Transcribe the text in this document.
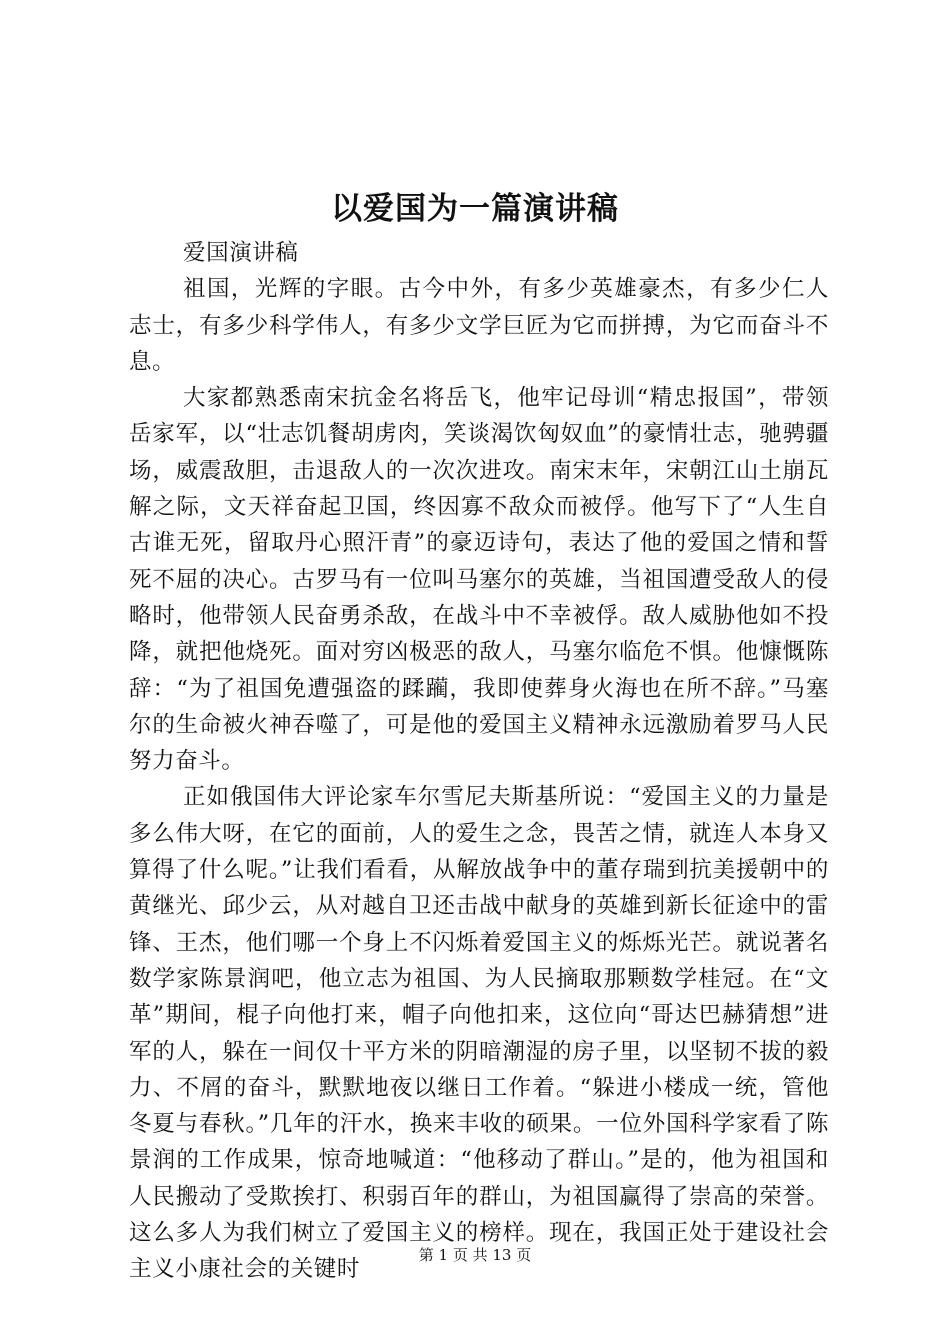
以爱国为一篇演讲稿

爱国演讲稿

祖国，光辉的字眼。古今中外，有多少英雄豪杰，有多少仁人志士，有多少科学伟人，有多少文学巨匠为它而拼搏，为它而奋斗不息。

大家都熟悉南宋抗金名将岳飞，他牢记母训“精忠报国”，带领岳家军，以“壮志饥餐胡虏肉，笑谈渴饮匈奴血”的豪情壮志，驰骋疆场，威震敌胆，击退敌人的一次次进攻。南宋末年，宋朝江山土崩瓦解之际，文天祥奋起卫国，终因寡不敌众而被俘。他写下了“人生自古谁无死，留取丹心照汗青”的豪迈诗句，表达了他的爱国之情和誓死不屈的决心。古罗马有一位叫马塞尔的英雄，当祖国遭受敌人的侵略时，他带领人民奋勇杀敌，在战斗中不幸被俘。敌人威胁他如不投降，就把他烧死。面对穷凶极恶的敌人，马塞尔临危不惧。他慷慨陈辞：“为了祖国免遭强盗的蹂躏，我即使葬身火海也在所不辞。”马塞尔的生命被火神吞噬了，可是他的爱国主义精神永远激励着罗马人民努力奋斗。

正如俄国伟大评论家车尔雪尼夫斯基所说：“爱国主义的力量是多么伟大呀，在它的面前，人的爱生之念，畏苦之情，就连人本身又算得了什么呢。”让我们看看，从解放战争中的董存瑞到抗美援朝中的黄继光、邱少云，从对越自卫还击战中献身的英雄到新长征途中的雷锋、王杰，他们哪一个身上不闪烁着爱国主义的烁烁光芒。就说著名数学家陈景润吧，他立志为祖国、为人民摘取那颗数学桂冠。在“文革”期间，棍子向他打来，帽子向他扣来，这位向“哥达巴赫猜想”进军的人，躲在一间仅十平方米的阴暗潮湿的房子里，以坚韧不拔的毅力、不屑的奋斗，默默地夜以继日工作着。“躲进小楼成一统，管他冬夏与春秋。”几年的汗水，换来丰收的硕果。一位外国科学家看了陈景润的工作成果，惊奇地喊道：“他移动了群山。”是的，他为祖国和人民搬动了受欺挨打、积弱百年的群山，为祖国赢得了崇高的荣誉。这么多人为我们树立了爱国主义的榜样。现在，我国正处于建设社会主义小康社会的关键时

第 1 页 共 13 页
